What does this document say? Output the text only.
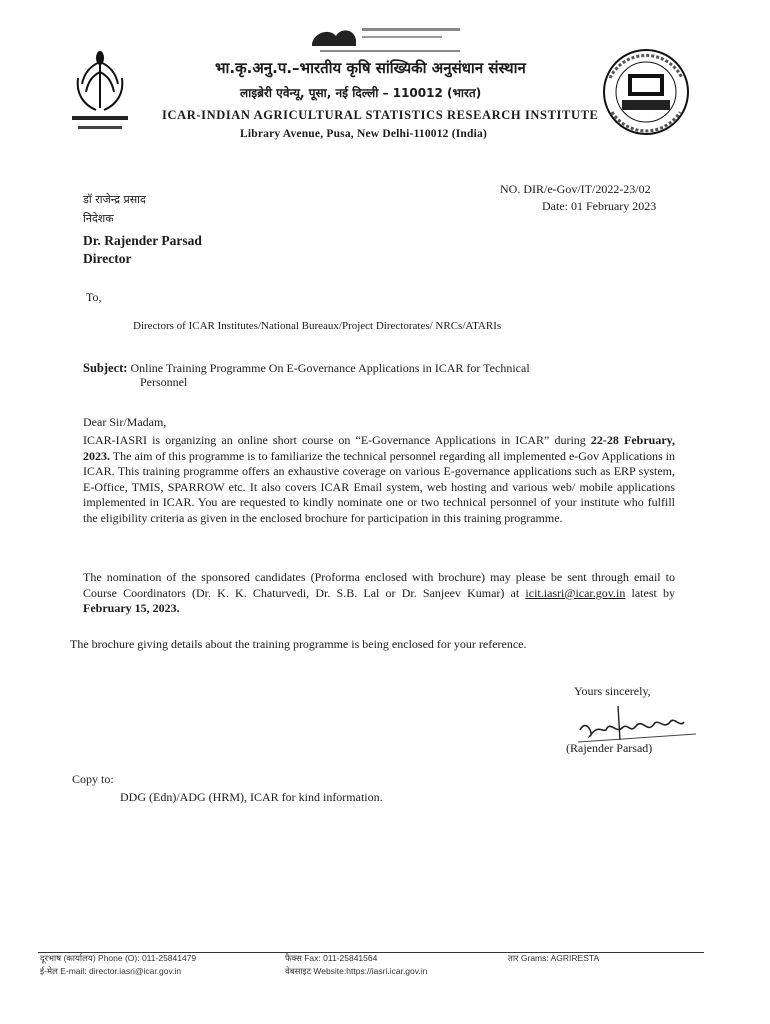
भा.कृ.अनु.प.–भारतीय कृषि सांख्यिकी अनुसंधान संस्थान
लाइब्रेरी एवेन्यू, पूसा, नई दिल्ली – 110012 (भारत)
ICAR-INDIAN AGRICULTURAL STATISTICS RESEARCH INSTITUTE
Library Avenue, Pusa, New Delhi-110012 (India)
NO. DIR/e-Gov/IT/2022-23/02
Date: 01 February 2023
डॉ राजेन्द्र प्रसाद
निदेशक
Dr. Rajender Parsad
Director
To,
Directors of ICAR Institutes/National Bureaux/Project Directorates/ NRCs/ATARIs
Subject: Online Training Programme On E-Governance Applications in ICAR for Technical
Personnel
Dear Sir/Madam,
ICAR-IASRI is organizing an online short course on “E-Governance Applications in ICAR” during 22-28 February, 2023. The aim of this programme is to familiarize the technical personnel regarding all implemented e-Gov Applications in ICAR. This training programme offers an exhaustive coverage on various E-governance applications such as ERP system, E-Office, TMIS, SPARROW etc. It also covers ICAR Email system, web hosting and various web/ mobile applications implemented in ICAR. You are requested to kindly nominate one or two technical personnel of your institute who fulfill the eligibility criteria as given in the enclosed brochure for participation in this training programme.
The nomination of the sponsored candidates (Proforma enclosed with brochure) may please be sent through email to Course Coordinators (Dr. K. K. Chaturvedi, Dr. S.B. Lal or Dr. Sanjeev Kumar) at icit.iasri@icar.gov.in latest by February 15, 2023.
The brochure giving details about the training programme is being enclosed for your reference.
Yours sincerely,
(Rajender Parsad)
Copy to:
DDG (Edn)/ADG (HRM), ICAR for kind information.
दूरभाष (कार्यालय) Phone (O): 011-25841479
ई-मेल E-mail: director.iasri@icar.gov.in
फैक्स Fax: 011-25841564
वेबसाइट Website:https://iasri.icar.gov.in
तार Grams: AGRIRESTA
